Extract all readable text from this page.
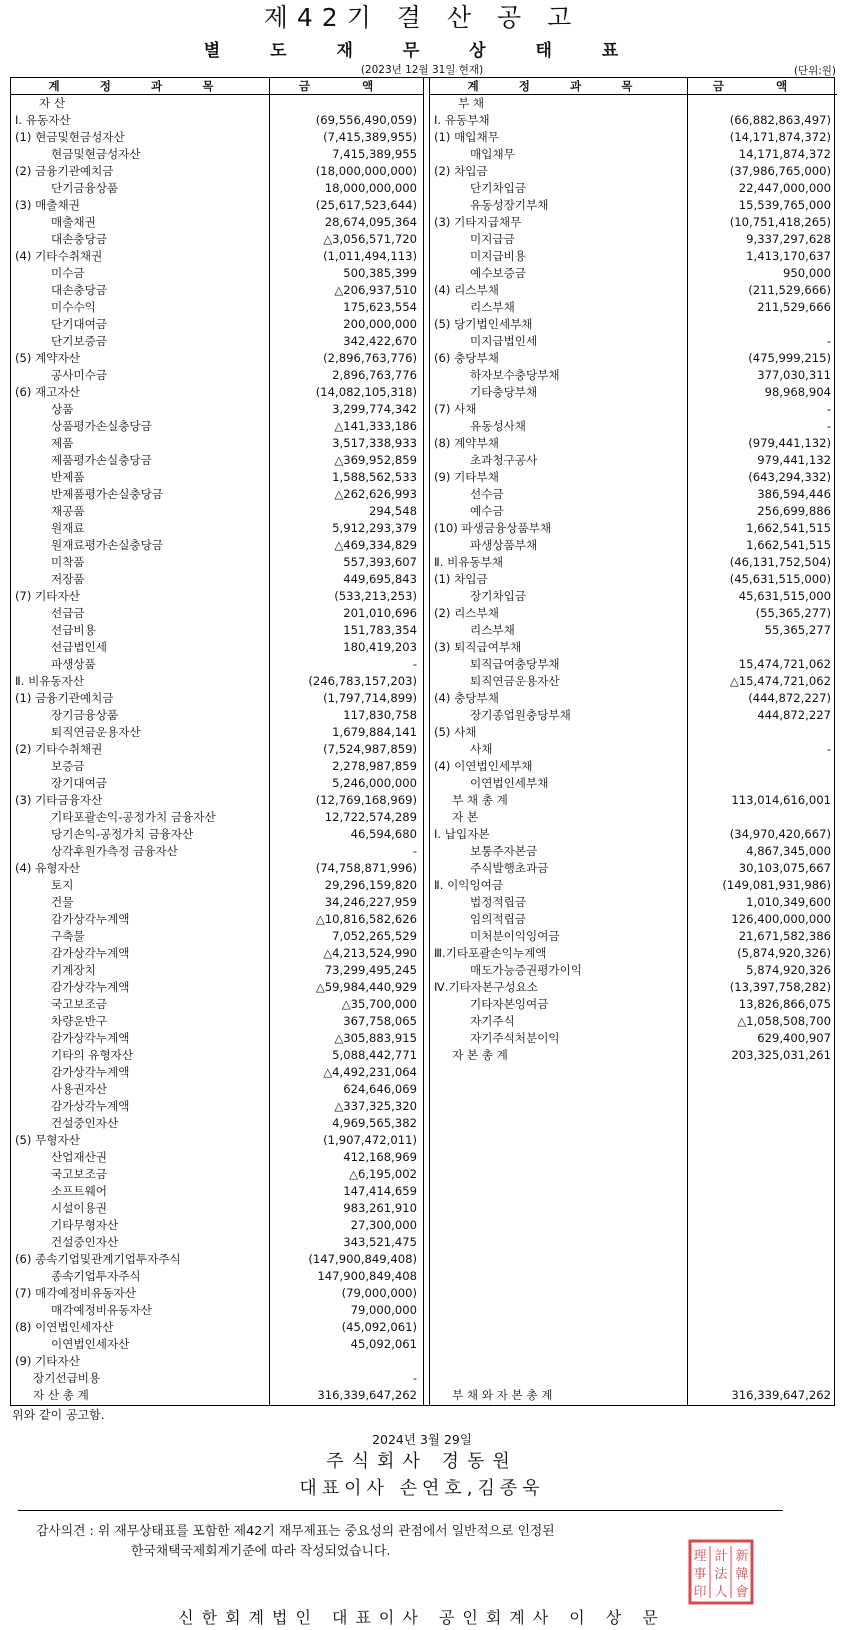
제42기 결 산 공 고
별 도 재 무 상 태 표
(2023년 12월 31일 현재)	(단위:원)
계 정 과 목	금 액
자 산
Ⅰ. 유동자산	(69,556,490,059)
(1) 현금및현금성자산	(7,415,389,955)
현금및현금성자산	7,415,389,955
(2) 금융기관예치금	(18,000,000,000)
단기금융상품	18,000,000,000
(3) 매출채권	(25,617,523,644)
매출채권	28,674,095,364
대손충당금	△3,056,571,720
(4) 기타수취채권	(1,011,494,113)
미수금	500,385,399
대손충당금	△206,937,510
미수수익	175,623,554
단기대여금	200,000,000
단기보증금	342,422,670
(5) 계약자산	(2,896,763,776)
공사미수금	2,896,763,776
(6) 재고자산	(14,082,105,318)
상품	3,299,774,342
상품평가손실충당금	△141,333,186
제품	3,517,338,933
제품평가손실충당금	△369,952,859
반제품	1,588,562,533
반제품평가손실충당금	△262,626,993
재공품	294,548
원재료	5,912,293,379
원재료평가손실충당금	△469,334,829
미착품	557,393,607
저장품	449,695,843
(7) 기타자산	(533,213,253)
선급금	201,010,696
선급비용	151,783,354
선급법인세	180,419,203
파생상품	-
Ⅱ. 비유동자산	(246,783,157,203)
(1) 금융기관예치금	(1,797,714,899)
장기금융상품	117,830,758
퇴직연금운용자산	1,679,884,141
(2) 기타수취채권	(7,524,987,859)
보증금	2,278,987,859
장기대여금	5,246,000,000
(3) 기타금융자산	(12,769,168,969)
기타포괄손익-공정가치 금융자산	12,722,574,289
당기손익-공정가치 금융자산	46,594,680
상각후원가측정 금융자산	-
(4) 유형자산	(74,758,871,996)
토지	29,296,159,820
건물	34,246,227,959
감가상각누계액	△10,816,582,626
구축물	7,052,265,529
감가상각누계액	△4,213,524,990
기계장치	73,299,495,245
감가상각누계액	△59,984,440,929
국고보조금	△35,700,000
차량운반구	367,758,065
감가상각누계액	△305,883,915
기타의 유형자산	5,088,442,771
감가상각누계액	△4,492,231,064
사용권자산	624,646,069
감가상각누계액	△337,325,320
건설중인자산	4,969,565,382
(5) 무형자산	(1,907,472,011)
산업재산권	412,168,969
국고보조금	△6,195,002
소프트웨어	147,414,659
시설이용권	983,261,910
기타무형자산	27,300,000
건설중인자산	343,521,475
(6) 종속기업및관계기업투자주식	(147,900,849,408)
종속기업투자주식	147,900,849,408
(7) 매각예정비유동자산	(79,000,000)
매각예정비유동자산	79,000,000
(8) 이연법인세자산	(45,092,061)
이연법인세자산	45,092,061
(9) 기타자산
장기선급비용	-
자 산 총 계	316,339,647,262
계 정 과 목	금 액
부 채
Ⅰ. 유동부채	(66,882,863,497)
(1) 매입채무	(14,171,874,372)
매입채무	14,171,874,372
(2) 차입금	(37,986,765,000)
단기차입금	22,447,000,000
유동성장기부채	15,539,765,000
(3) 기타지급채무	(10,751,418,265)
미지급금	9,337,297,628
미지급비용	1,413,170,637
예수보증금	950,000
(4) 리스부채	(211,529,666)
리스부채	211,529,666
(5) 당기법인세부채
미지급법인세	-
(6) 충당부채	(475,999,215)
하자보수충당부채	377,030,311
기타충당부채	98,968,904
(7) 사채	-
유동성사채	-
(8) 계약부채	(979,441,132)
초과청구공사	979,441,132
(9) 기타부채	(643,294,332)
선수금	386,594,446
예수금	256,699,886
(10) 파생금융상품부채	1,662,541,515
파생상품부채	1,662,541,515
Ⅱ. 비유동부채	(46,131,752,504)
(1) 차입금	(45,631,515,000)
장기차입금	45,631,515,000
(2) 리스부채	(55,365,277)
리스부채	55,365,277
(3) 퇴직급여부채
퇴직급여충당부채	15,474,721,062
퇴직연금운용자산	△15,474,721,062
(4) 충당부채	(444,872,227)
장기종업원충당부채	444,872,227
(5) 사채
사채	-
(4) 이연법인세부채
이연법인세부채
부 채 총 계	113,014,616,001
자 본
Ⅰ. 납입자본	(34,970,420,667)
보통주자본금	4,867,345,000
주식발행초과금	30,103,075,667
Ⅱ. 이익잉여금	(149,081,931,986)
법정적립금	1,010,349,600
임의적립금	126,400,000,000
미처분이익잉여금	21,671,582,386
Ⅲ.기타포괄손익누계액	(5,874,920,326)
매도가능증권평가이익	5,874,920,326
Ⅳ.기타자본구성요소	(13,397,758,282)
기타자본잉여금	13,826,866,075
자기주식	△1,058,508,700
자기주식처분이익	629,400,907
자 본 총 계	203,325,031,261
부 채 와 자 본 총 계	316,339,647,262
위와 같이 공고함.
2024년 3월 29일
주식회사 경동원
대표이사 손연호,김종욱
감사의견 : 위 재무상태표를 포함한 제42기 재무제표는 중요성의 관점에서 일반적으로 인정된
한국채택국제회계기준에 따라 작성되었습니다.	新
韓
會
計
法
人
理
事
印
신한회계법인 대표이사 공인회계사 이 상 문
